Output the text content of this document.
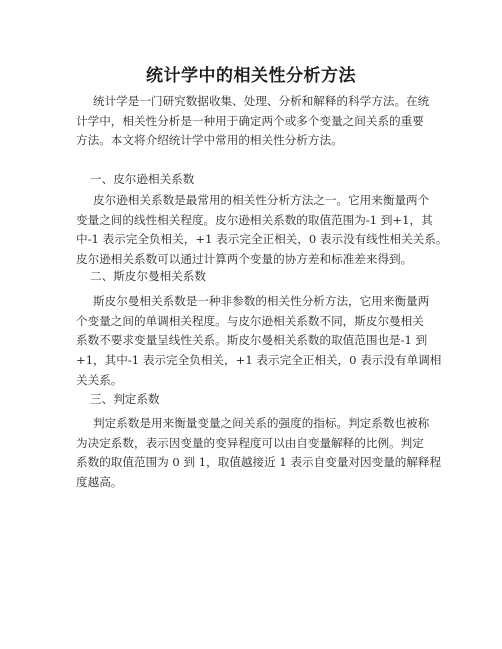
统计学中的相关性分析方法
统计学是一门研究数据收集、处理、分析和解释的科学方法。在统
计学中，相关性分析是一种用于确定两个或多个变量之间关系的重要
方法。本文将介绍统计学中常用的相关性分析方法。
一、皮尔逊相关系数
皮尔逊相关系数是最常用的相关性分析方法之一。它用来衡量两个
变量之间的线性相关程度。皮尔逊相关系数的取值范围为-1 到+1，其
中-1 表示完全负相关，+1 表示完全正相关，0 表示没有线性相关关系。
皮尔逊相关系数可以通过计算两个变量的协方差和标准差来得到。
二、斯皮尔曼相关系数
斯皮尔曼相关系数是一种非参数的相关性分析方法，它用来衡量两
个变量之间的单调相关程度。与皮尔逊相关系数不同，斯皮尔曼相关
系数不要求变量呈线性关系。斯皮尔曼相关系数的取值范围也是-1 到
+1，其中-1 表示完全负相关，+1 表示完全正相关，0 表示没有单调相
关关系。
三、判定系数
判定系数是用来衡量变量之间关系的强度的指标。判定系数也被称
为决定系数，表示因变量的变异程度可以由自变量解释的比例。判定
系数的取值范围为 0 到 1，取值越接近 1 表示自变量对因变量的解释程
度越高。
